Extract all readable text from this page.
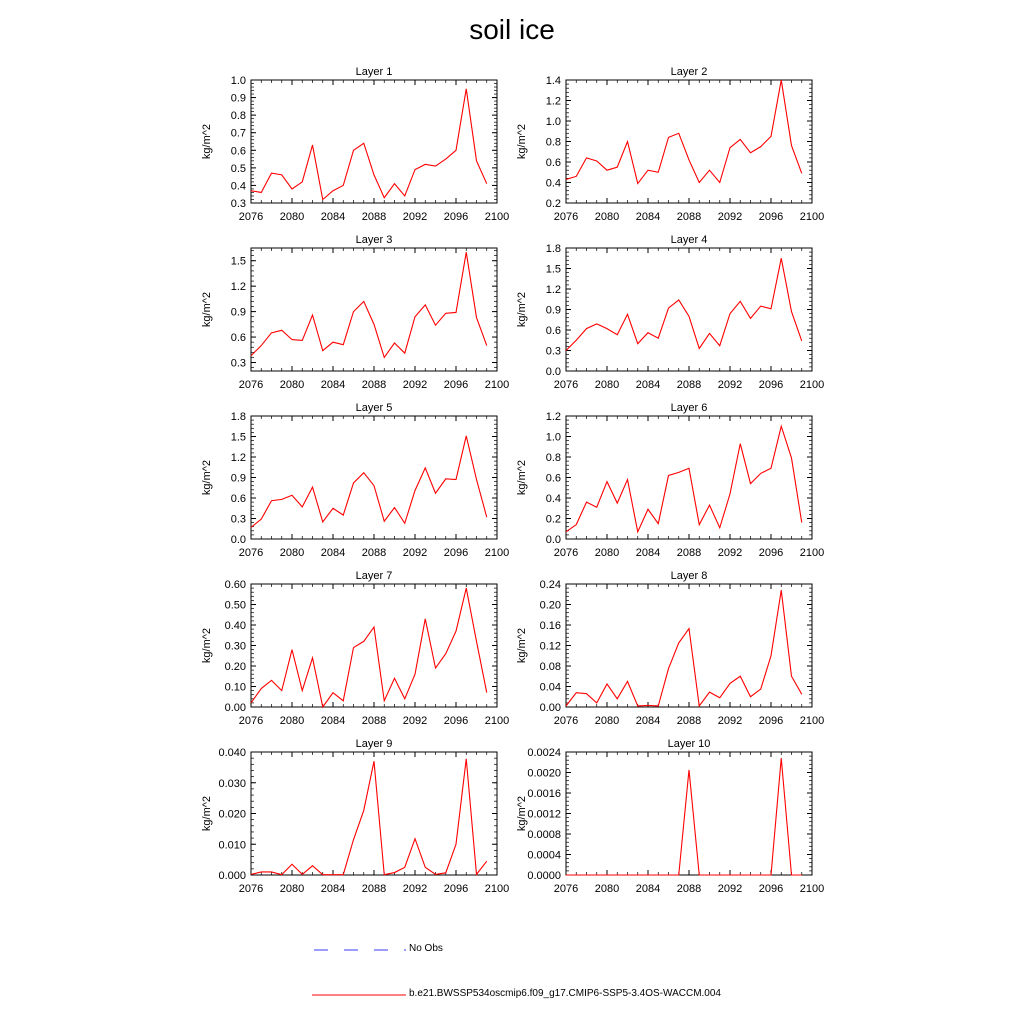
soil ice
Layer 1
kg/m^2
0.3
0.4
0.5
0.6
0.7
0.8
0.9
1.0
2076 2080 2084 2088 2092 2096 2100
Layer 2
kg/m^2
0.2
0.4
0.6
0.8
1.0
1.2
1.4
2076 2080 2084 2088 2092 2096 2100
Layer 3
kg/m^2
0.3
0.6
0.9
1.2
1.5
2076 2080 2084 2088 2092 2096 2100
Layer 4
kg/m^2
0.0
0.3
0.6
0.9
1.2
1.5
1.8
2076 2080 2084 2088 2092 2096 2100
Layer 5
kg/m^2
0.0
0.3
0.6
0.9
1.2
1.5
1.8
2076 2080 2084 2088 2092 2096 2100
Layer 6
kg/m^2
0.0
0.2
0.4
0.6
0.8
1.0
1.2
2076 2080 2084 2088 2092 2096 2100
Layer 7
kg/m^2
0.00
0.10
0.20
0.30
0.40
0.50
0.60
2076 2080 2084 2088 2092 2096 2100
Layer 8
kg/m^2
0.00
0.04
0.08
0.12
0.16
0.20
0.24
2076 2080 2084 2088 2092 2096 2100
Layer 9
kg/m^2
0.000
0.010
0.020
0.030
0.040
2076 2080 2084 2088 2092 2096 2100
Layer 10
kg/m^2
0.0000
0.0004
0.0008
0.0012
0.0016
0.0020
0.0024
2076 2080 2084 2088 2092 2096 2100
No Obs
b.e21.BWSSP534oscmip6.f09_g17.CMIP6-SSP5-3.4OS-WACCM.004
